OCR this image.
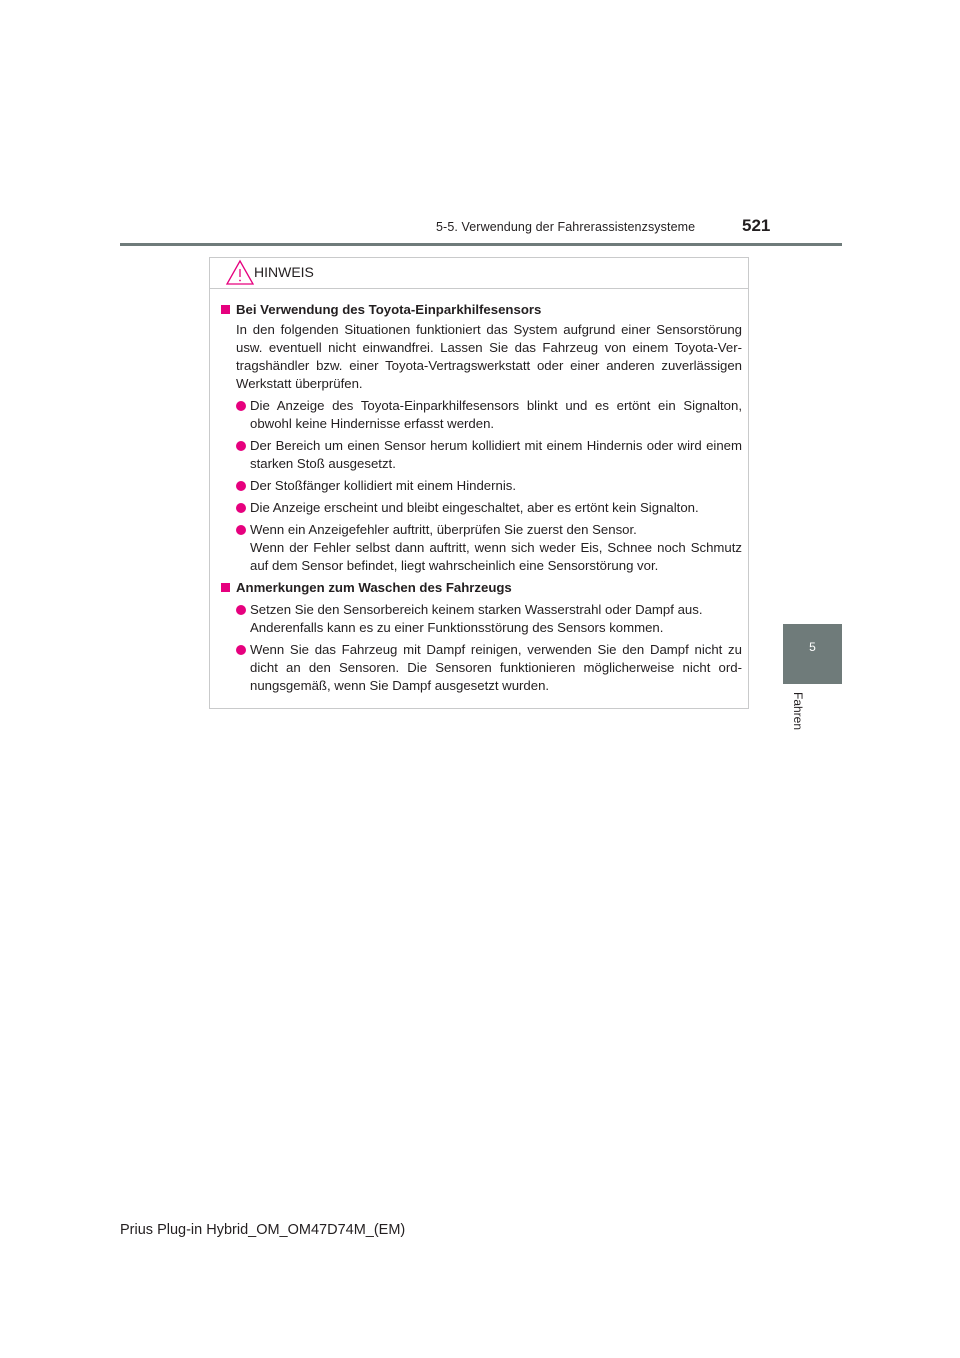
5-5. Verwendung der Fahrerassistenzsysteme	521
5
Fahren
HINWEIS
Bei Verwendung des Toyota-Einparkhilfesensors
In den folgenden Situationen funktioniert das System aufgrund einer Sensorstörung
usw. eventuell nicht einwandfrei. Lassen Sie das Fahrzeug von einem Toyota-Ver-
tragshändler bzw. einer Toyota-Vertragswerkstatt oder einer anderen zuverlässigen
Werkstatt überprüfen.
Die Anzeige des Toyota-Einparkhilfesensors blinkt und es ertönt ein Signalton,
obwohl keine Hindernisse erfasst werden.
Der Bereich um einen Sensor herum kollidiert mit einem Hindernis oder wird einem
starken Stoß ausgesetzt.
Der Stoßfänger kollidiert mit einem Hindernis.
Die Anzeige erscheint und bleibt eingeschaltet, aber es ertönt kein Signalton.
Wenn ein Anzeigefehler auftritt, überprüfen Sie zuerst den Sensor.
Wenn der Fehler selbst dann auftritt, wenn sich weder Eis, Schnee noch Schmutz
auf dem Sensor befindet, liegt wahrscheinlich eine Sensorstörung vor.
Anmerkungen zum Waschen des Fahrzeugs
Setzen Sie den Sensorbereich keinem starken Wasserstrahl oder Dampf aus.
Anderenfalls kann es zu einer Funktionsstörung des Sensors kommen.
Wenn Sie das Fahrzeug mit Dampf reinigen, verwenden Sie den Dampf nicht zu
dicht an den Sensoren. Die Sensoren funktionieren möglicherweise nicht ord-
nungsgemäß, wenn Sie Dampf ausgesetzt wurden.
Prius Plug-in Hybrid_OM_OM47D74M_(EM)
